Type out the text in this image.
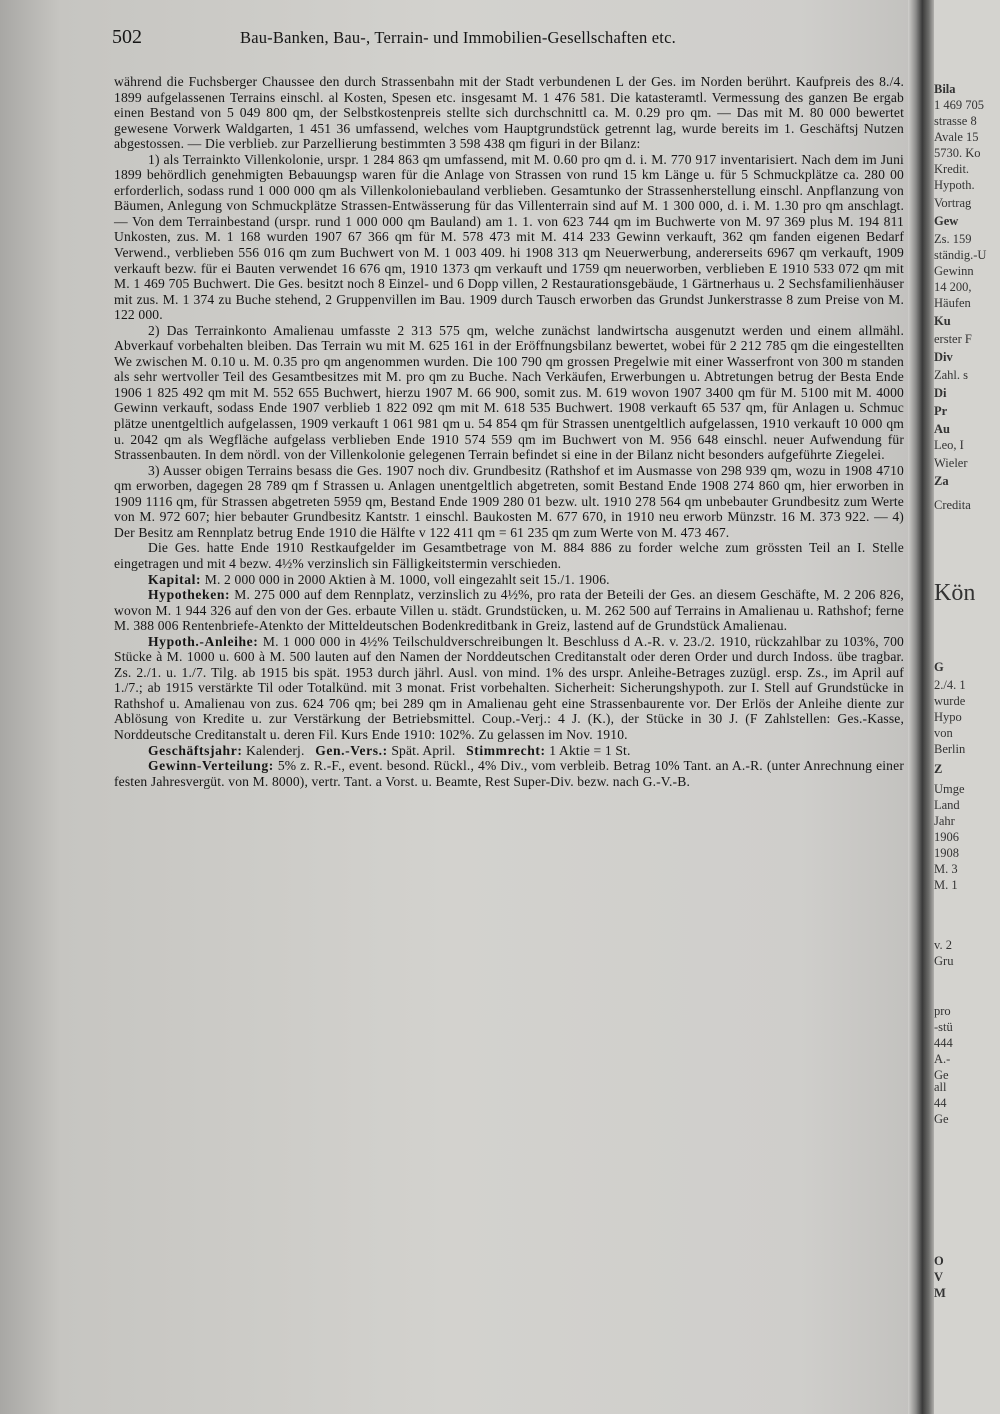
502	Bau-Banken, Bau-, Terrain- und Immobilien-Gesellschaften etc.

während die Fuchsberger Chaussee den durch Strassenbahn mit der Stadt verbundenen L der Ges. im Norden berührt. Kaufpreis des 8./4. 1899 aufgelassenen Terrains einschl. al Kosten, Spesen etc. insgesamt M. 1 476 581. Die katasteramtl. Vermessung des ganzen Be ergab einen Bestand von 5 049 800 qm, der Selbstkostenpreis stellte sich durchschnittl ca. M. 0.29 pro qm. — Das mit M. 80 000 bewertet gewesene Vorwerk Waldgarten, 1 451 36 umfassend, welches vom Hauptgrundstück getrennt lag, wurde bereits im 1. Geschäftsj Nutzen abgestossen. — Die verblieb. zur Parzellierung bestimmten 3 598 438 qm figuri in der Bilanz:

1) als Terrainkto Villenkolonie, urspr. 1 284 863 qm umfassend, mit M. 0.60 pro qm d. i. M. 770 917 inventarisiert. Nach dem im Juni 1899 behördlich genehmigten Bebauungsp waren für die Anlage von Strassen von rund 15 km Länge u. für 5 Schmuckplätze ca. 280 00 erforderlich, sodass rund 1 000 000 qm als Villenkoloniebauland verblieben. Gesamtunko der Strassenherstellung einschl. Anpflanzung von Bäumen, Anlegung von Schmuckplätze Strassen-Entwässerung für das Villenterrain sind auf M. 1 300 000, d. i. M. 1.30 pro qm anschlagt. — Von dem Terrainbestand (urspr. rund 1 000 000 qm Bauland) am 1. 1. von 623 744 qm im Buchwerte von M. 97 369 plus M. 194 811 Unkosten, zus. M. 1 168 wurden 1907 67 366 qm für M. 578 473 mit M. 414 233 Gewinn verkauft, 362 qm fanden eigenen Bedarf Verwend., verblieben 556 016 qm zum Buchwert von M. 1 003 409. hi 1908 313 qm Neuerwerbung, andererseits 6967 qm verkauft, 1909 verkauft bezw. für ei Bauten verwendet 16 676 qm, 1910 1373 qm verkauft und 1759 qm neuerworben, verblieben E 1910 533 072 qm mit M. 1 469 705 Buchwert. Die Ges. besitzt noch 8 Einzel- und 6 Dopp villen, 2 Restaurationsgebäude, 1 Gärtnerhaus u. 2 Sechsfamilienhäuser mit zus. M. 1 374 zu Buche stehend, 2 Gruppenvillen im Bau. 1909 durch Tausch erworben das Grundst Junkerstrasse 8 zum Preise von M. 122 000.

2) Das Terrainkonto Amalienau umfasste 2 313 575 qm, welche zunächst landwirtscha ausgenutzt werden und einem allmähl. Abverkauf vorbehalten bleiben. Das Terrain wu mit M. 625 161 in der Eröffnungsbilanz bewertet, wobei für 2 212 785 qm die eingestellten We zwischen M. 0.10 u. M. 0.35 pro qm angenommen wurden. Die 100 790 qm grossen Pregelwie mit einer Wasserfront von 300 m standen als sehr wertvoller Teil des Gesamtbesitzes mit M. pro qm zu Buche. Nach Verkäufen, Erwerbungen u. Abtretungen betrug der Besta Ende 1906 1 825 492 qm mit M. 552 655 Buchwert, hierzu 1907 M. 66 900, somit zus. M. 619 wovon 1907 3400 qm für M. 5100 mit M. 4000 Gewinn verkauft, sodass Ende 1907 verblieb 1 822 092 qm mit M. 618 535 Buchwert. 1908 verkauft 65 537 qm, für Anlagen u. Schmuc plätze unentgeltlich aufgelassen, 1909 verkauft 1 061 981 qm u. 54 854 qm für Strassen unentgeltlich aufgelassen, 1910 verkauft 10 000 qm u. 2042 qm als Wegfläche aufgelass verblieben Ende 1910 574 559 qm im Buchwert von M. 956 648 einschl. neuer Aufwendung für Strassenbauten. In dem nördl. von der Villenkolonie gelegenen Terrain befindet si eine in der Bilanz nicht besonders aufgeführte Ziegelei.

3) Ausser obigen Terrains besass die Ges. 1907 noch div. Grundbesitz (Rathshof et im Ausmasse von 298 939 qm, wozu in 1908 4710 qm erworben, dagegen 28 789 qm f Strassen u. Anlagen unentgeltlich abgetreten, somit Bestand Ende 1908 274 860 qm, hier erworben in 1909 1116 qm, für Strassen abgetreten 5959 qm, Bestand Ende 1909 280 01 bezw. ult. 1910 278 564 qm unbebauter Grundbesitz zum Werte von M. 972 607; hier bebauter Grundbesitz Kantstr. 1 einschl. Baukosten M. 677 670, in 1910 neu erworb Münzstr. 16 M. 373 922. — 4) Der Besitz am Rennplatz betrug Ende 1910 die Hälfte v 122 411 qm = 61 235 qm zum Werte von M. 473 467.

Die Ges. hatte Ende 1910 Restkaufgelder im Gesamtbetrage von M. 884 886 zu forder welche zum grössten Teil an I. Stelle eingetragen und mit 4 bezw. 4½% verzinslich sin Fälligkeitstermin verschieden.

Kapital: M. 2 000 000 in 2000 Aktien à M. 1000, voll eingezahlt seit 15./1. 1906.

Hypotheken: M. 275 000 auf dem Rennplatz, verzinslich zu 4½%, pro rata der Beteili der Ges. an diesem Geschäfte, M. 2 206 826, wovon M. 1 944 326 auf den von der Ges. erbaute Villen u. städt. Grundstücken, u. M. 262 500 auf Terrains in Amalienau u. Rathshof; ferne M. 388 006 Rentenbriefe-Atenkto der Mitteldeutschen Bodenkreditbank in Greiz, lastend auf de Grundstück Amalienau.

Hypoth.-Anleihe: M. 1 000 000 in 4½% Teilschuldverschreibungen lt. Beschluss d A.-R. v. 23./2. 1910, rückzahlbar zu 103%, 700 Stücke à M. 1000 u. 600 à M. 500 lauten auf den Namen der Norddeutschen Creditanstalt oder deren Order und durch Indoss. übe tragbar. Zs. 2./1. u. 1./7. Tilg. ab 1915 bis spät. 1953 durch jährl. Ausl. von mind. 1% des urspr. Anleihe-Betrages zuzügl. ersp. Zs., im April auf 1./7.; ab 1915 verstärkte Til oder Totalkünd. mit 3 monat. Frist vorbehalten. Sicherheit: Sicherungshypoth. zur I. Stell auf Grundstücke in Rathshof u. Amalienau von zus. 624 706 qm; bei 289 qm in Amalienau geht eine Strassenbaurente vor. Der Erlös der Anleihe diente zur Ablösung von Kredite u. zur Verstärkung der Betriebsmittel. Coup.-Verj.: 4 J. (K.), der Stücke in 30 J. (F Zahlstellen: Ges.-Kasse, Norddeutsche Creditanstalt u. deren Fil. Kurs Ende 1910: 102%. Zu gelassen im Nov. 1910.

Geschäftsjahr: Kalenderj. Gen.-Vers.: Spät. April. Stimmrecht: 1 Aktie = 1 St.

Gewinn-Verteilung: 5% z. R.-F., event. besond. Rückl., 4% Div., vom verbleib. Betrag 10% Tant. an A.-R. (unter Anrechnung einer festen Jahresvergüt. von M. 8000), vertr. Tant. a Vorst. u. Beamte, Rest Super-Div. bezw. nach G.-V.-B.

Bila
1 469 705
strasse 8
Avale 15
5730. Ko
Kredit.
Hypoth.
Vortrag
Gew
Zs. 159
ständig.-U
Gewinn
14 200,
Häufen
Ku
erster F
Div
Zahl. s
Di
Pr
Au
Leo, I
Wieler
Za
Credita
Kön
G
2./4. 1
wurde
Hypo
von
Berlin
Z
Umge
Land
Jahr
1906
1908
M. 3
M. 1
v. 2
Gru
pro
-stü
444
A.-
Ge
all
44
Ge
O
V
M
